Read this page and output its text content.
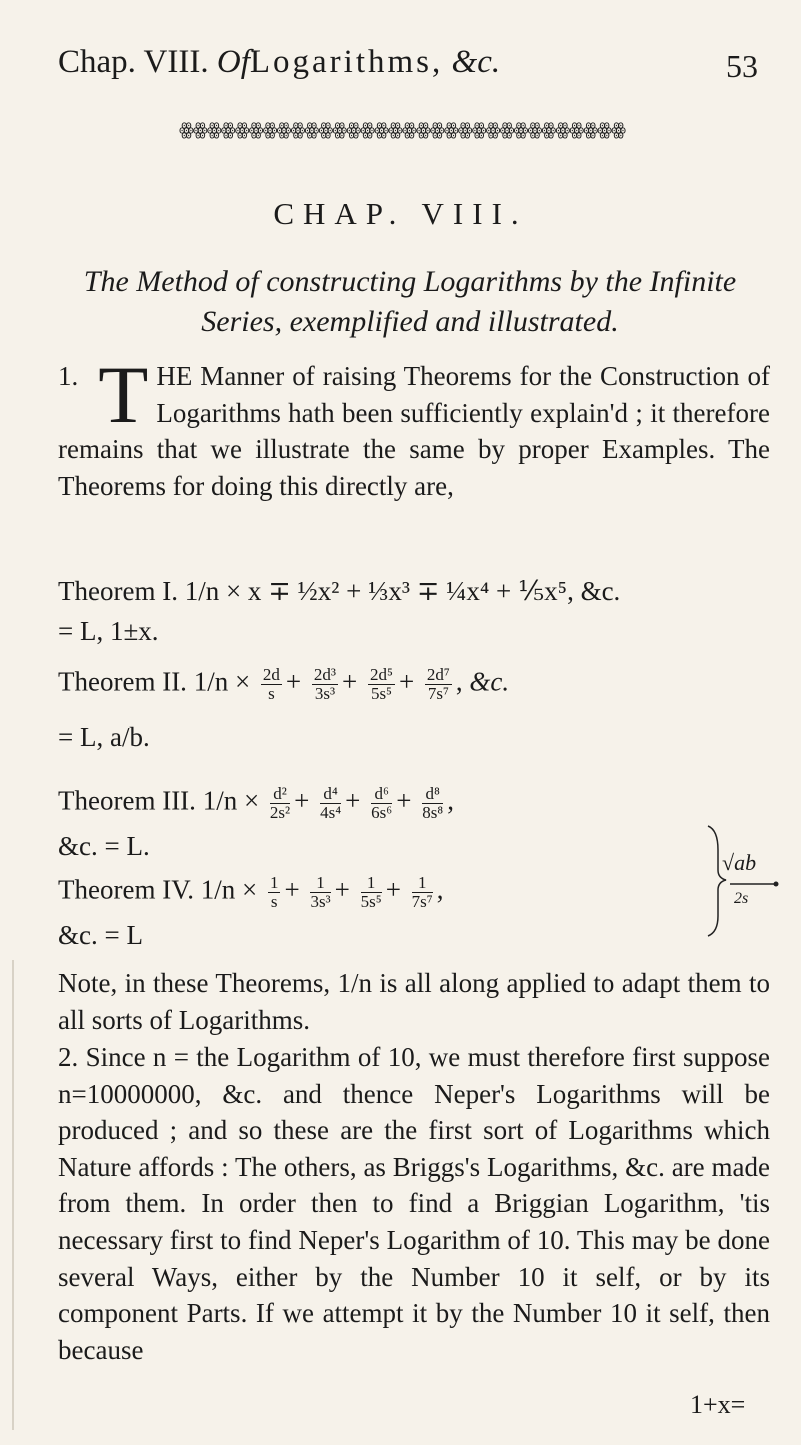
Chap. VIII. OfLogarithms, &c.	53
ꙮꙮꙮꙮꙮꙮꙮꙮꙮꙮꙮꙮꙮꙮꙮꙮꙮꙮꙮꙮꙮꙮꙮꙮꙮꙮꙮꙮꙮꙮꙮꙮ
CHAP. VIII.
The Method of constructing Logarithms by the Infinite Series, exemplified and illustrated.
1. T HE Manner of raising Theorems for the Construction of Logarithms hath been sufficiently explain'd ; it therefore remains that we illustrate the same by proper Examples. The Theorems for doing this directly are,
Theorem I. 1/n × x ∓ ½x² + ⅓x³ ∓ ¼x⁴ + ⅕x⁵, &c.
= L, 1±x.
Theorem II. $1/n \times \frac{2d}{s} + \frac{\text{2d³}}{\text{3s³}} + \frac{\text{2d⁵}}{\text{5s⁵}} + \frac{\text{2d⁷}}{\text{7s⁷}}$ , &c.
= L, a/b.
Theorem III. $1/n \times \frac{\text{d²}}{\text{2s²}} + \frac{\text{d⁴}}{\text{4s⁴}} + \frac{\text{d⁶}}{\text{6s⁶}} + \frac{\text{d⁸}}{\text{8s⁸}}$ ,
&c. = L.
Theorem IV. $1/n \times \frac{1}{s} + \frac{1}{\text{3s³}} + \frac{1}{\text{5s⁵}} + \frac{1}{\text{7s⁷}}$ ,
&c. = L
√ab
2s
Note, in these Theorems, 1/n is all along applied to adapt them to all sorts of Logarithms.
2. Since n = the Logarithm of 10, we must therefore first suppose n=10000000, &c. and thence Neper's Logarithms will be produced ; and so these are the first sort of Logarithms which Nature affords : The others, as Briggs's Logarithms, &c. are made from them. In order then to find a Briggian Logarithm, 'tis necessary first to find Neper's Logarithm of 10. This may be done several Ways, either by the Number 10 it self, or by its component Parts. If we attempt it by the Number 10 it self, then because
1+x=
